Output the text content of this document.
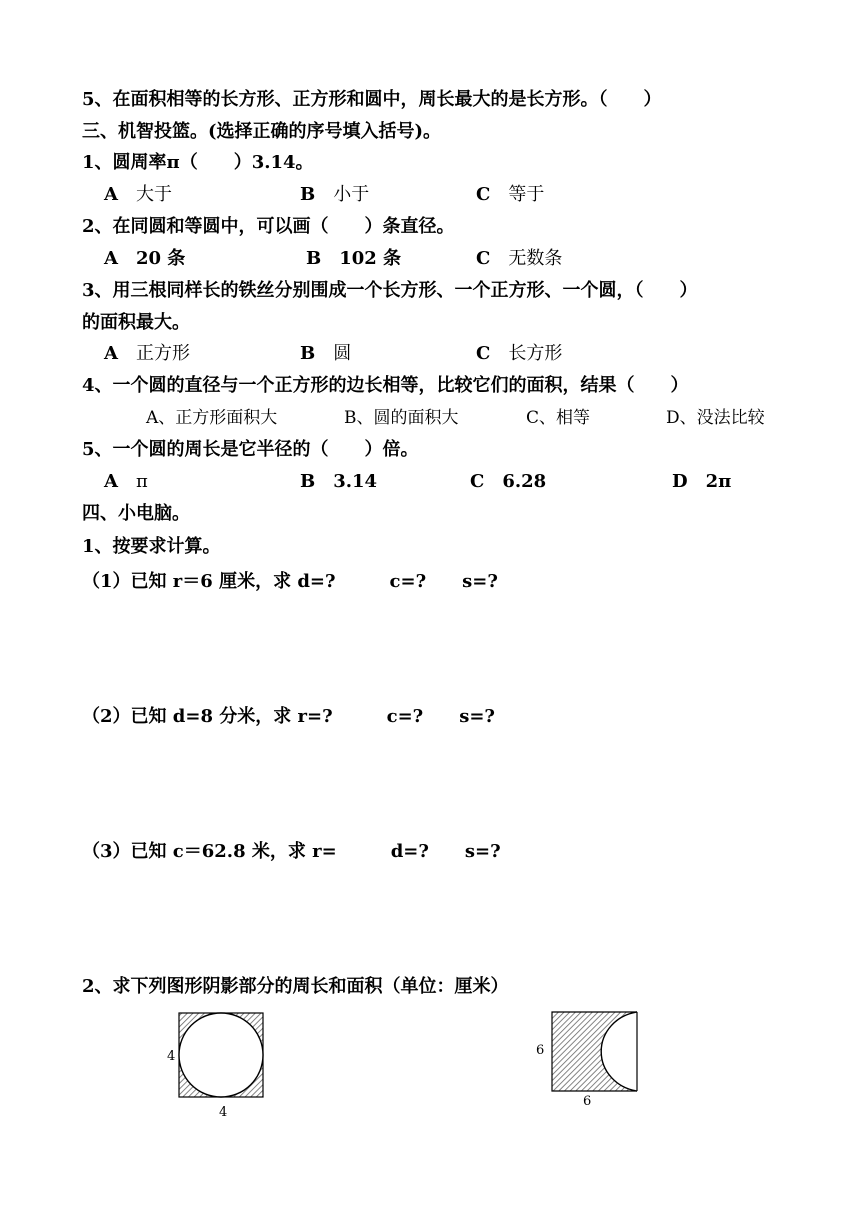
5、在面积相等的长方形、正方形和圆中，周长最大的是长方形。（　　）
三、机智投篮。(选择正确的序号填入括号)。
1、圆周率π（　　）3.14。
A 大于	B 小于	C 等于
2、在同圆和等圆中，可以画（　　）条直径。
A 20 条	B 102 条	C 无数条
3、用三根同样长的铁丝分别围成一个长方形、一个正方形、一个圆，（　　）
的面积最大。
A 正方形	B 圆	C 长方形
4、一个圆的直径与一个正方形的边长相等，比较它们的面积，结果（　　）
A、正方形面积大	B、圆的面积大	C、相等	D、没法比较
5、一个圆的周长是它半径的（　　）倍。
A π	B 3.14	C 6.28	D 2π
四、小电脑。
1、按要求计算。
（1）已知 r＝6 厘米，求 d=?　　　c=?　　s=?
（2）已知 d=8 分米，求 r=?　　　c=?　　s=?
（3）已知 c＝62.8 米，求 r=　　　d=?　　s=?
2、求下列图形阴影部分的周长和面积（单位：厘米）
4
4
6
6
